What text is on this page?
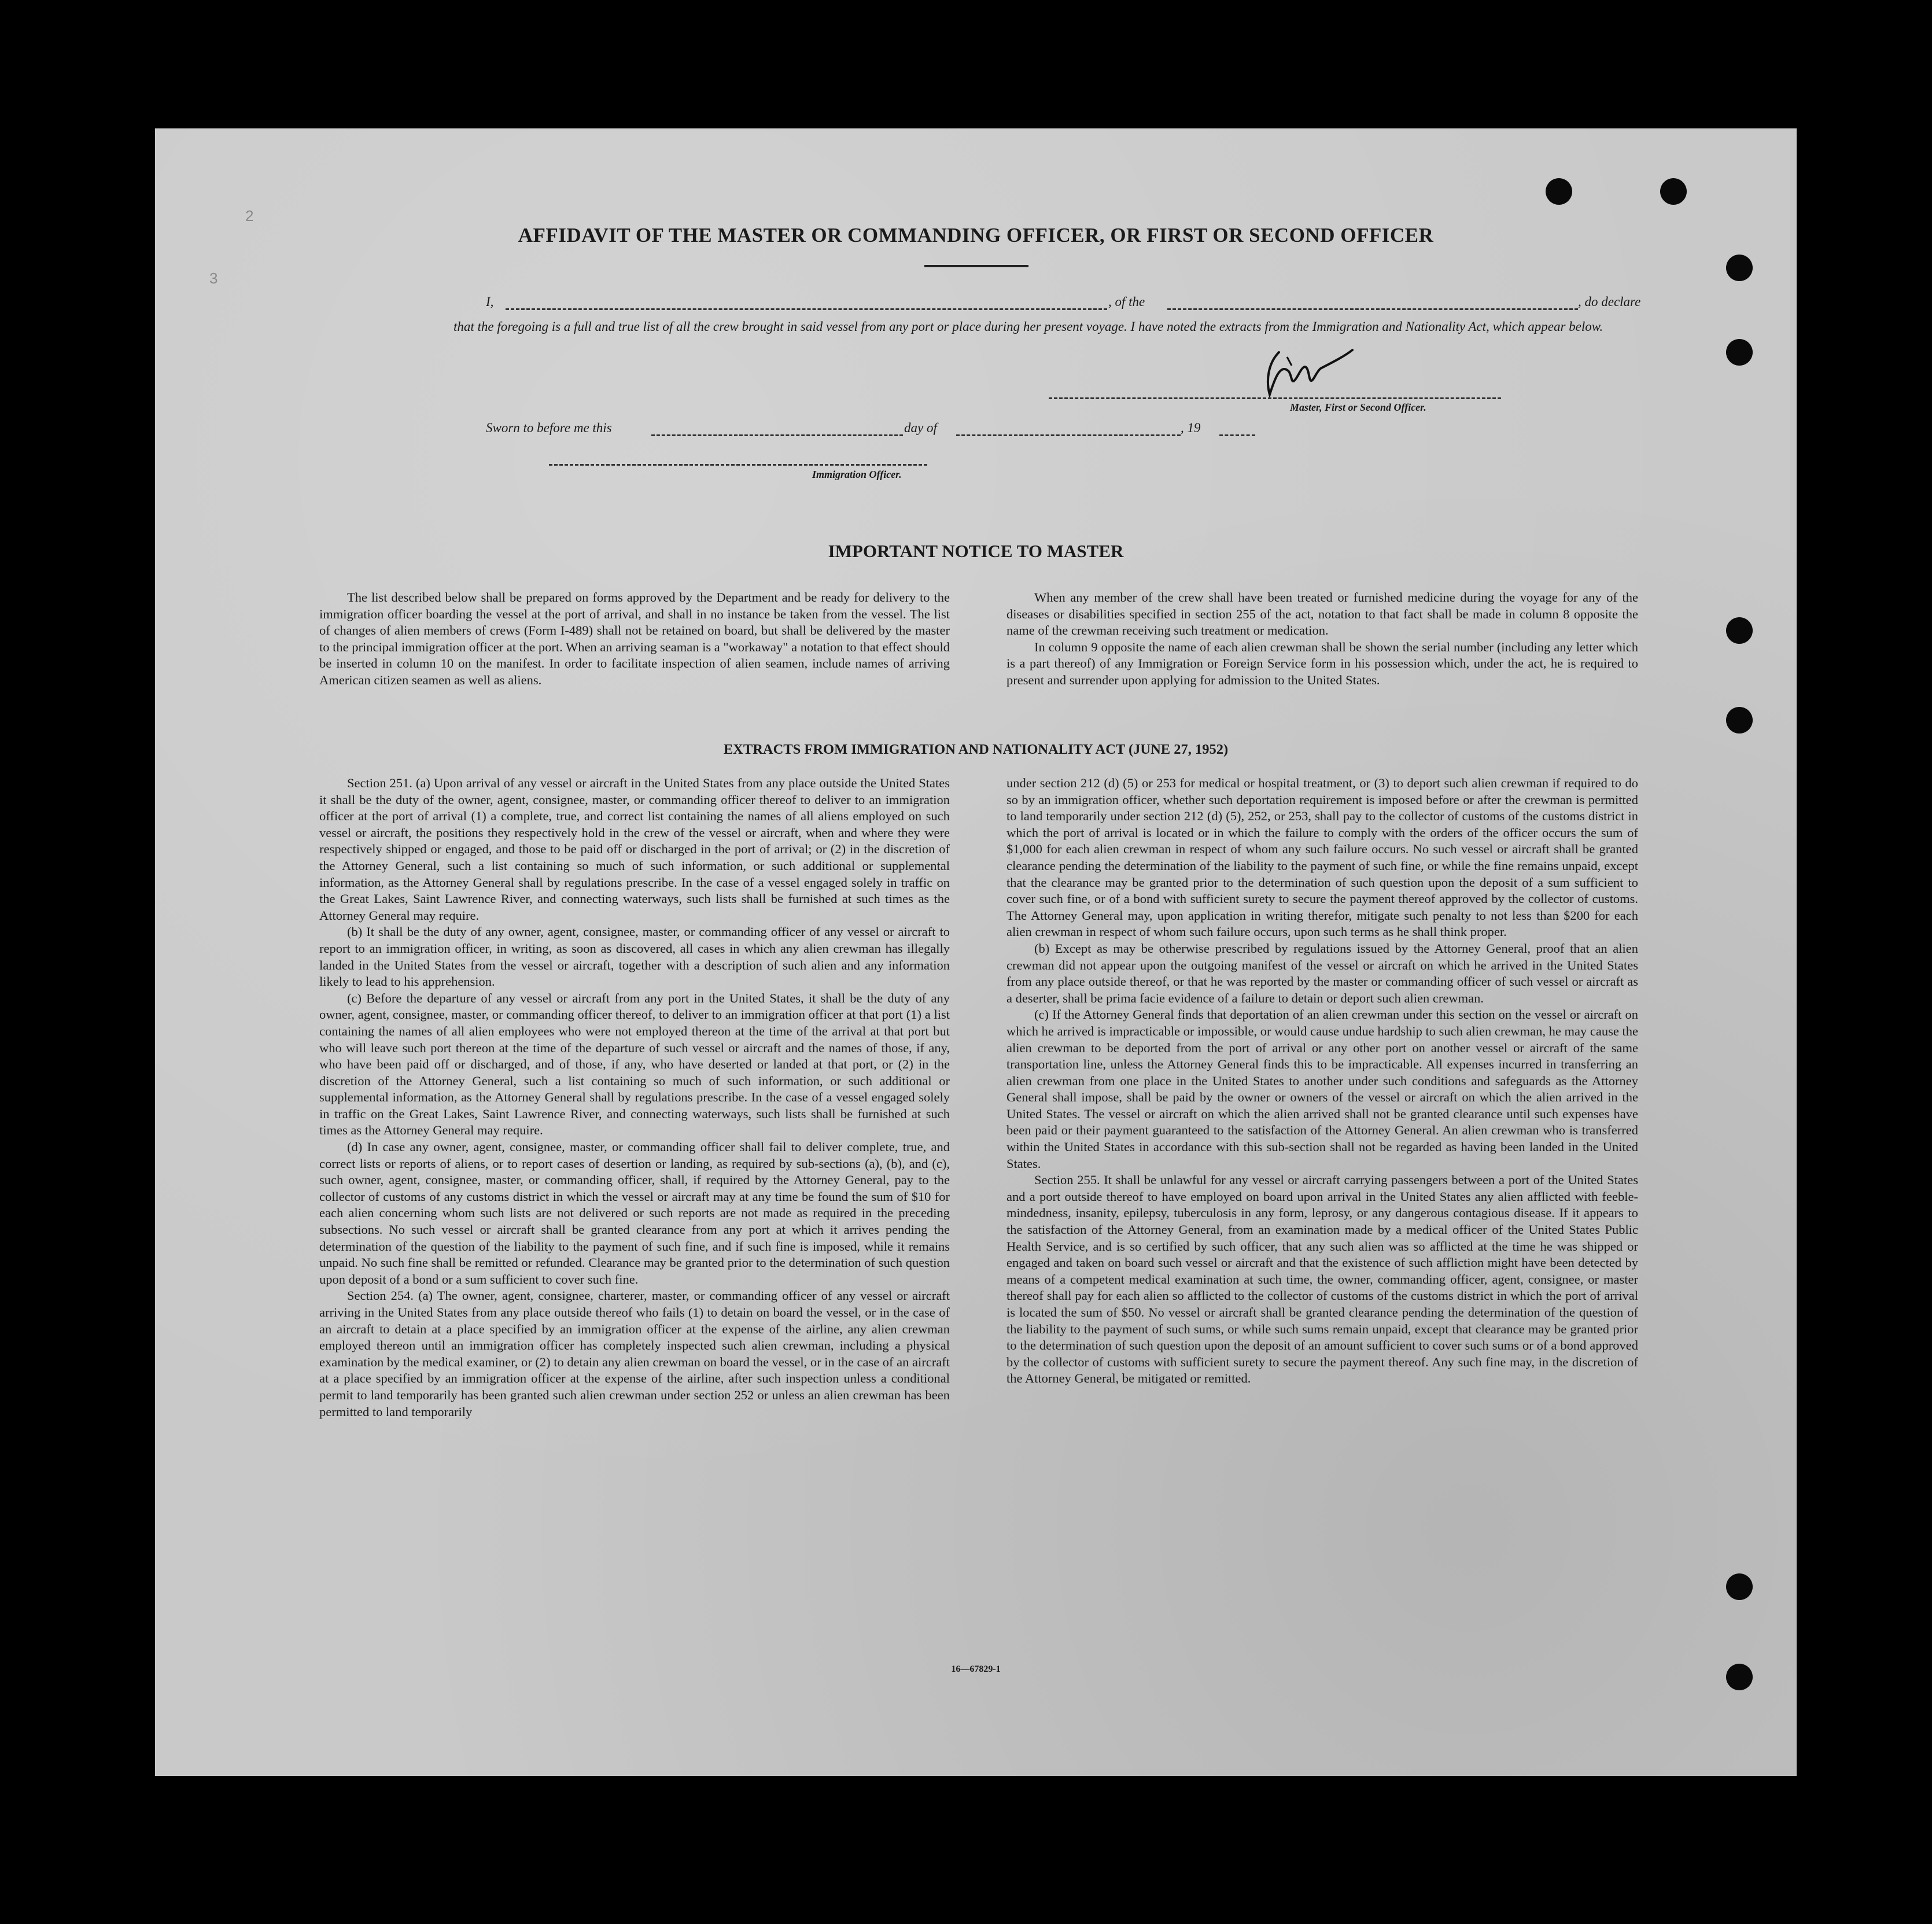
AFFIDAVIT OF THE MASTER OR COMMANDING OFFICER, OR FIRST OR SECOND OFFICER
I,	, of the	, do declare
that the foregoing is a full and true list of all the crew brought in said vessel from any port or place during her present voyage. I have noted the extracts from the Immigration and Nationality Act, which appear below.
Master, First or Second Officer.
Sworn to before me this	day of	, 19
Immigration Officer.
IMPORTANT NOTICE TO MASTER

The list described below shall be prepared on forms approved by the Department and be ready for delivery to the immigration officer boarding the vessel at the port of arrival, and shall in no instance be taken from the vessel. The list of changes of alien members of crews (Form I-489) shall not be retained on board, but shall be delivered by the master to the principal immigration officer at the port. When an arriving seaman is a "workaway" a notation to that effect should be inserted in column 10 on the manifest. In order to facilitate inspection of alien seamen, include names of arriving American citizen seamen as well as aliens.

When any member of the crew shall have been treated or furnished medicine during the voyage for any of the diseases or disabilities specified in section 255 of the act, notation to that fact shall be made in column 8 opposite the name of the crewman receiving such treatment or medication.

In column 9 opposite the name of each alien crewman shall be shown the serial number (including any letter which is a part thereof) of any Immigration or Foreign Service form in his possession which, under the act, he is required to present and surrender upon applying for admission to the United States.

EXTRACTS FROM IMMIGRATION AND NATIONALITY ACT (JUNE 27, 1952)

Section 251. (a) Upon arrival of any vessel or aircraft in the United States from any place outside the United States it shall be the duty of the owner, agent, consignee, master, or commanding officer thereof to deliver to an immigration officer at the port of arrival (1) a complete, true, and correct list containing the names of all aliens employed on such vessel or aircraft, the positions they respectively hold in the crew of the vessel or aircraft, when and where they were respectively shipped or engaged, and those to be paid off or discharged in the port of arrival; or (2) in the discretion of the Attorney General, such a list containing so much of such information, or such additional or supplemental information, as the Attorney General shall by regulations prescribe. In the case of a vessel engaged solely in traffic on the Great Lakes, Saint Lawrence River, and connecting waterways, such lists shall be furnished at such times as the Attorney General may require.

(b) It shall be the duty of any owner, agent, consignee, master, or commanding officer of any vessel or aircraft to report to an immigration officer, in writing, as soon as discovered, all cases in which any alien crewman has illegally landed in the United States from the vessel or aircraft, together with a description of such alien and any information likely to lead to his apprehension.

(c) Before the departure of any vessel or aircraft from any port in the United States, it shall be the duty of any owner, agent, consignee, master, or commanding officer thereof, to deliver to an immigration officer at that port (1) a list containing the names of all alien employees who were not employed thereon at the time of the arrival at that port but who will leave such port thereon at the time of the departure of such vessel or aircraft and the names of those, if any, who have been paid off or discharged, and of those, if any, who have deserted or landed at that port, or (2) in the discretion of the Attorney General, such a list containing so much of such information, or such additional or supplemental information, as the Attorney General shall by regulations prescribe. In the case of a vessel engaged solely in traffic on the Great Lakes, Saint Lawrence River, and connecting waterways, such lists shall be furnished at such times as the Attorney General may require.

(d) In case any owner, agent, consignee, master, or commanding officer shall fail to deliver complete, true, and correct lists or reports of aliens, or to report cases of desertion or landing, as required by sub-sections (a), (b), and (c), such owner, agent, consignee, master, or commanding officer, shall, if required by the Attorney General, pay to the collector of customs of any customs district in which the vessel or aircraft may at any time be found the sum of $10 for each alien concerning whom such lists are not delivered or such reports are not made as required in the preceding subsections. No such vessel or aircraft shall be granted clearance from any port at which it arrives pending the determination of the question of the liability to the payment of such fine, and if such fine is imposed, while it remains unpaid. No such fine shall be remitted or refunded. Clearance may be granted prior to the determination of such question upon deposit of a bond or a sum sufficient to cover such fine.

Section 254. (a) The owner, agent, consignee, charterer, master, or commanding officer of any vessel or aircraft arriving in the United States from any place outside thereof who fails (1) to detain on board the vessel, or in the case of an aircraft to detain at a place specified by an immigration officer at the expense of the airline, any alien crewman employed thereon until an immigration officer has completely inspected such alien crewman, including a physical examination by the medical examiner, or (2) to detain any alien crewman on board the vessel, or in the case of an aircraft at a place specified by an immigration officer at the expense of the airline, after such inspection unless a conditional permit to land temporarily has been granted such alien crewman under section 252 or unless an alien crewman has been permitted to land temporarily

under section 212 (d) (5) or 253 for medical or hospital treatment, or (3) to deport such alien crewman if required to do so by an immigration officer, whether such deportation requirement is imposed before or after the crewman is permitted to land temporarily under section 212 (d) (5), 252, or 253, shall pay to the collector of customs of the customs district in which the port of arrival is located or in which the failure to comply with the orders of the officer occurs the sum of $1,000 for each alien crewman in respect of whom any such failure occurs. No such vessel or aircraft shall be granted clearance pending the determination of the liability to the payment of such fine, or while the fine remains unpaid, except that the clearance may be granted prior to the determination of such question upon the deposit of a sum sufficient to cover such fine, or of a bond with sufficient surety to secure the payment thereof approved by the collector of customs. The Attorney General may, upon application in writing therefor, mitigate such penalty to not less than $200 for each alien crewman in respect of whom such failure occurs, upon such terms as he shall think proper.

(b) Except as may be otherwise prescribed by regulations issued by the Attorney General, proof that an alien crewman did not appear upon the outgoing manifest of the vessel or aircraft on which he arrived in the United States from any place outside thereof, or that he was reported by the master or commanding officer of such vessel or aircraft as a deserter, shall be prima facie evidence of a failure to detain or deport such alien crewman.

(c) If the Attorney General finds that deportation of an alien crewman under this section on the vessel or aircraft on which he arrived is impracticable or impossible, or would cause undue hardship to such alien crewman, he may cause the alien crewman to be deported from the port of arrival or any other port on another vessel or aircraft of the same transportation line, unless the Attorney General finds this to be impracticable. All expenses incurred in transferring an alien crewman from one place in the United States to another under such conditions and safeguards as the Attorney General shall impose, shall be paid by the owner or owners of the vessel or aircraft on which the alien arrived in the United States. The vessel or aircraft on which the alien arrived shall not be granted clearance until such expenses have been paid or their payment guaranteed to the satisfaction of the Attorney General. An alien crewman who is transferred within the United States in accordance with this sub-section shall not be regarded as having been landed in the United States.

Section 255. It shall be unlawful for any vessel or aircraft carrying passengers between a port of the United States and a port outside thereof to have employed on board upon arrival in the United States any alien afflicted with feeble-mindedness, insanity, epilepsy, tuberculosis in any form, leprosy, or any dangerous contagious disease. If it appears to the satisfaction of the Attorney General, from an examination made by a medical officer of the United States Public Health Service, and is so certified by such officer, that any such alien was so afflicted at the time he was shipped or engaged and taken on board such vessel or aircraft and that the existence of such affliction might have been detected by means of a competent medical examination at such time, the owner, commanding officer, agent, consignee, or master thereof shall pay for each alien so afflicted to the collector of customs of the customs district in which the port of arrival is located the sum of $50. No vessel or aircraft shall be granted clearance pending the determination of the question of the liability to the payment of such sums, or while such sums remain unpaid, except that clearance may be granted prior to the determination of such question upon the deposit of an amount sufficient to cover such sums or of a bond approved by the collector of customs with sufficient surety to secure the payment thereof. Any such fine may, in the discretion of the Attorney General, be mitigated or remitted.

16—67829-1
2
3
